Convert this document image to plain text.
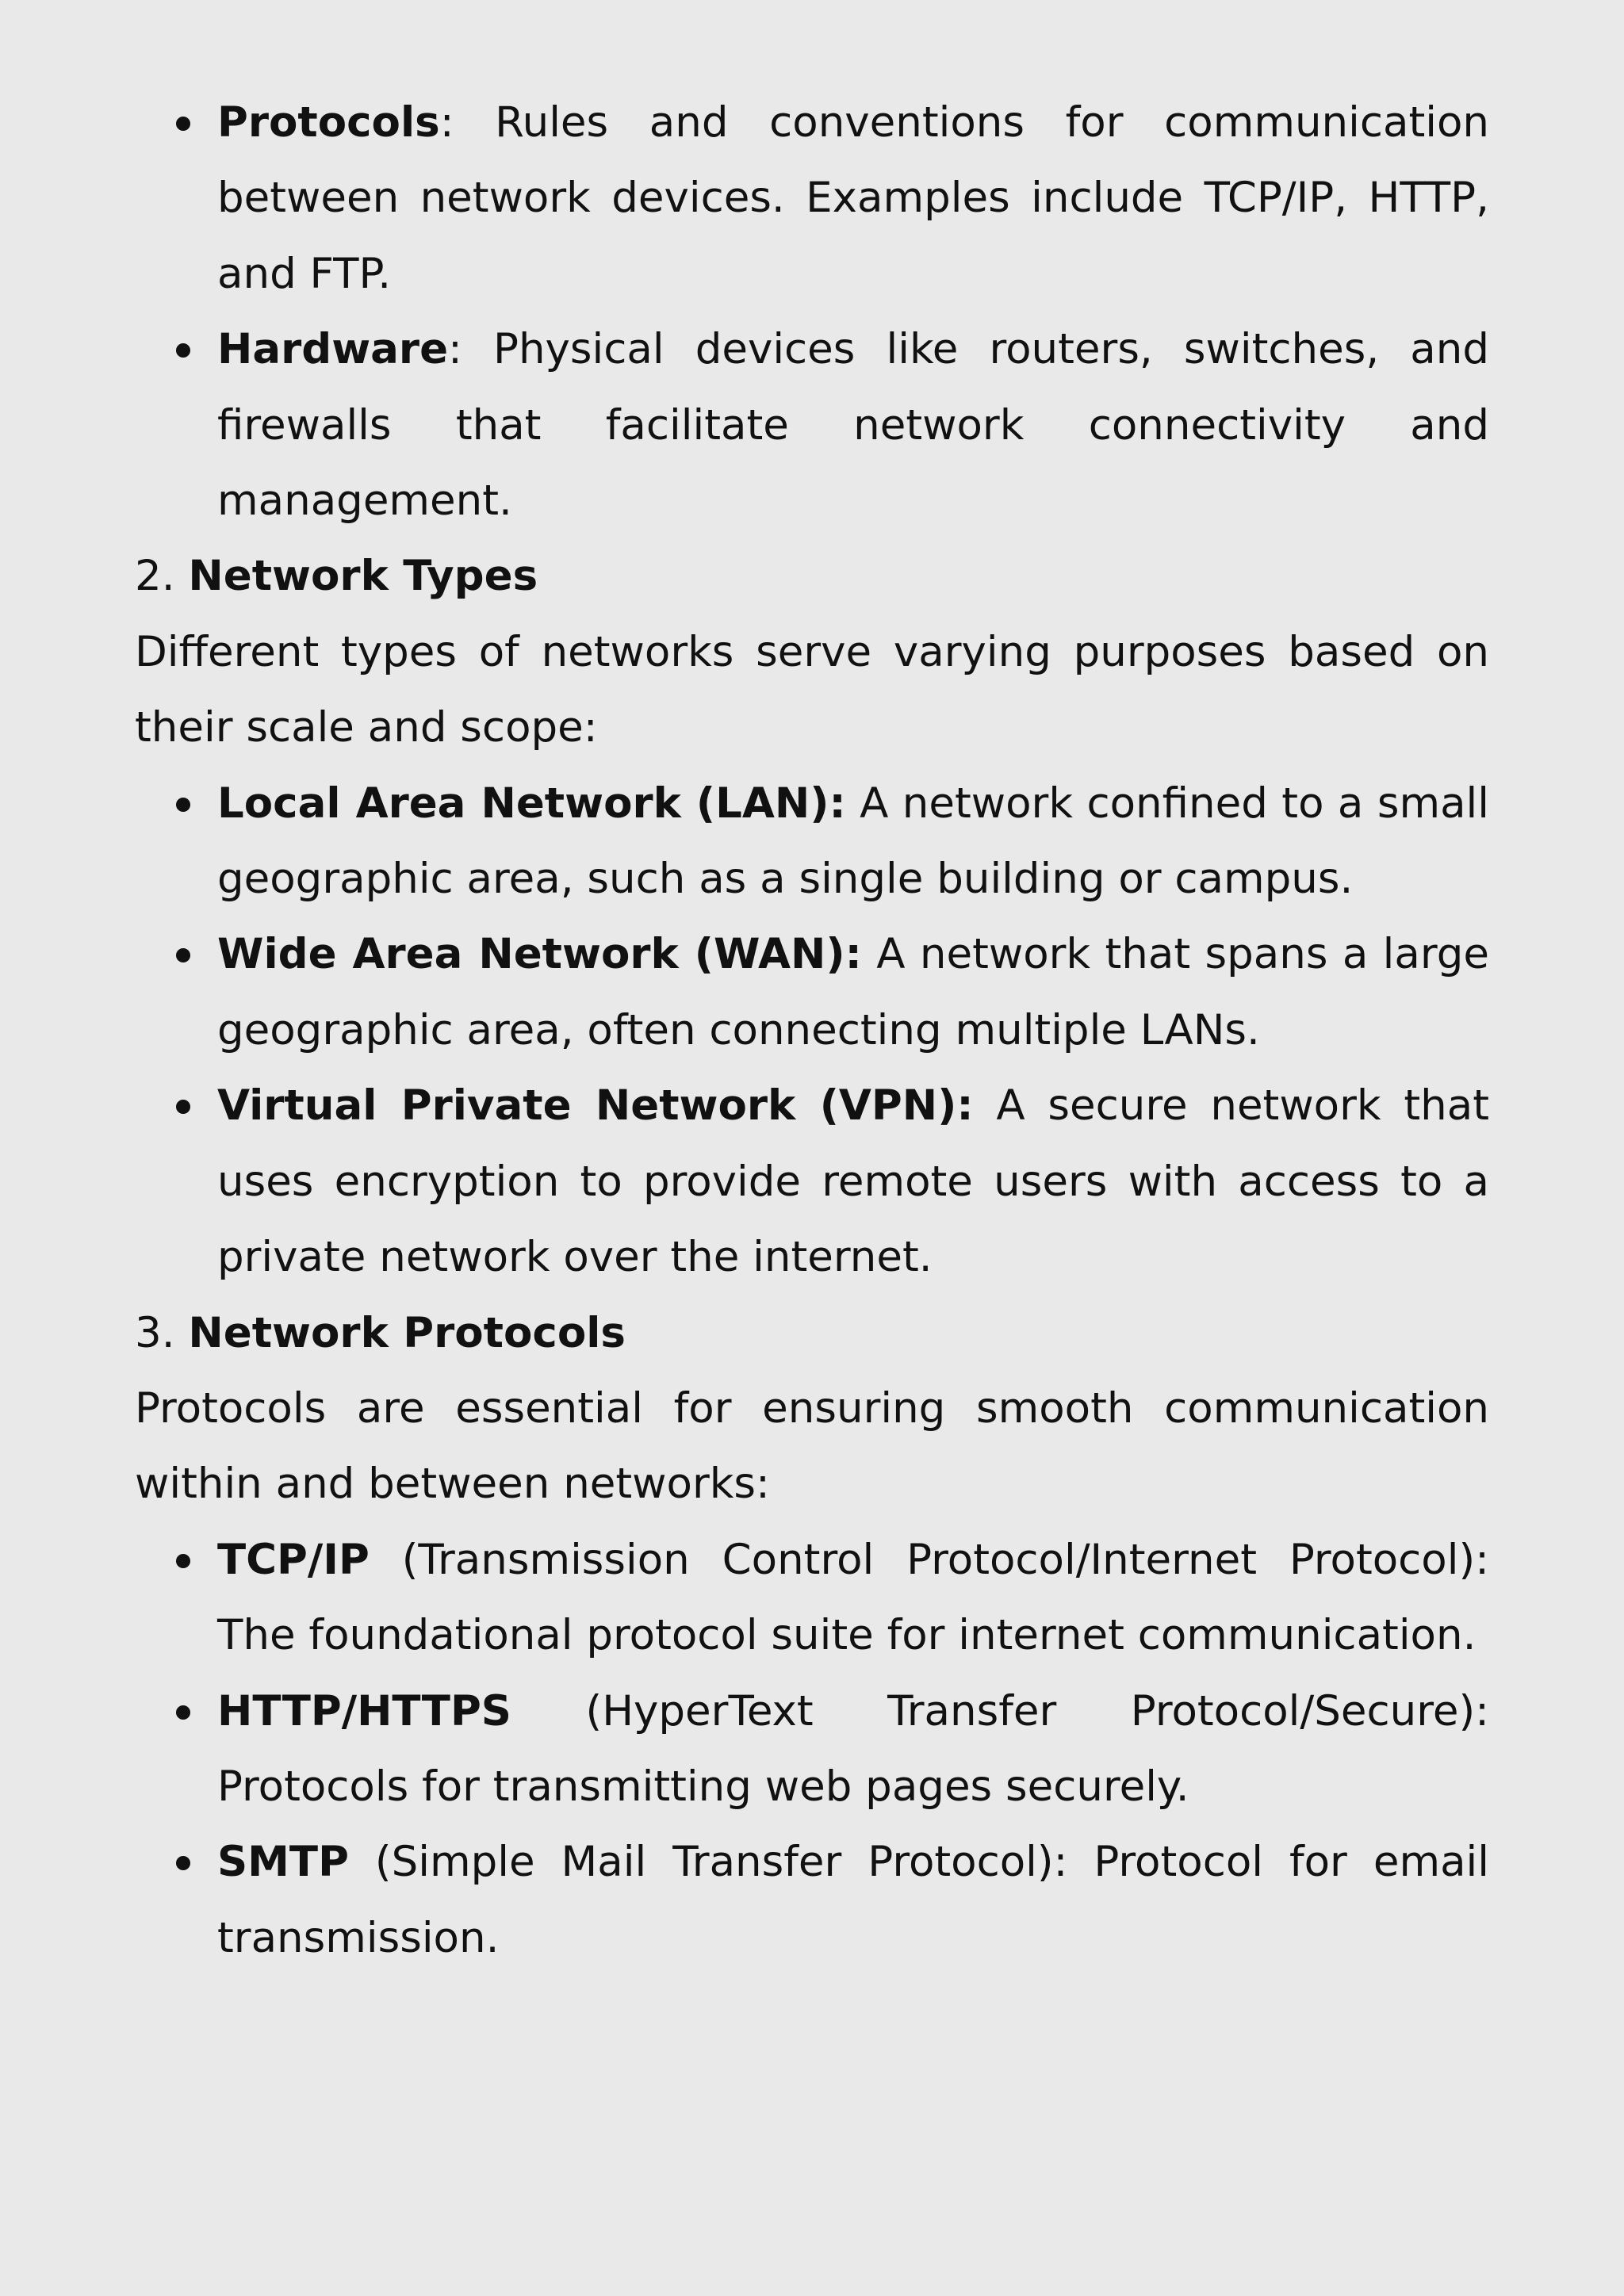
Protocols: Rules and conventions for communication between network devices. Examples include TCP/IP, HTTP, and FTP.
Hardware: Physical devices like routers, switches, and firewalls that facilitate network connectivity and management.

2. Network Types

Different types of networks serve varying purposes based on their scale and scope:

Local Area Network (LAN): A network confined to a small geographic area, such as a single building or campus.
Wide Area Network (WAN): A network that spans a large geographic area, often connecting multiple LANs.
Virtual Private Network (VPN): A secure network that uses encryption to provide remote users with access to a private network over the internet.

3. Network Protocols

Protocols are essential for ensuring smooth communication within and between networks:

TCP/IP (Transmission Control Protocol/Internet Protocol): The foundational protocol suite for internet communication.
HTTP/HTTPS (HyperText Transfer Protocol/Secure): Protocols for transmitting web pages securely.
SMTP (Simple Mail Transfer Protocol): Protocol for email transmission.
